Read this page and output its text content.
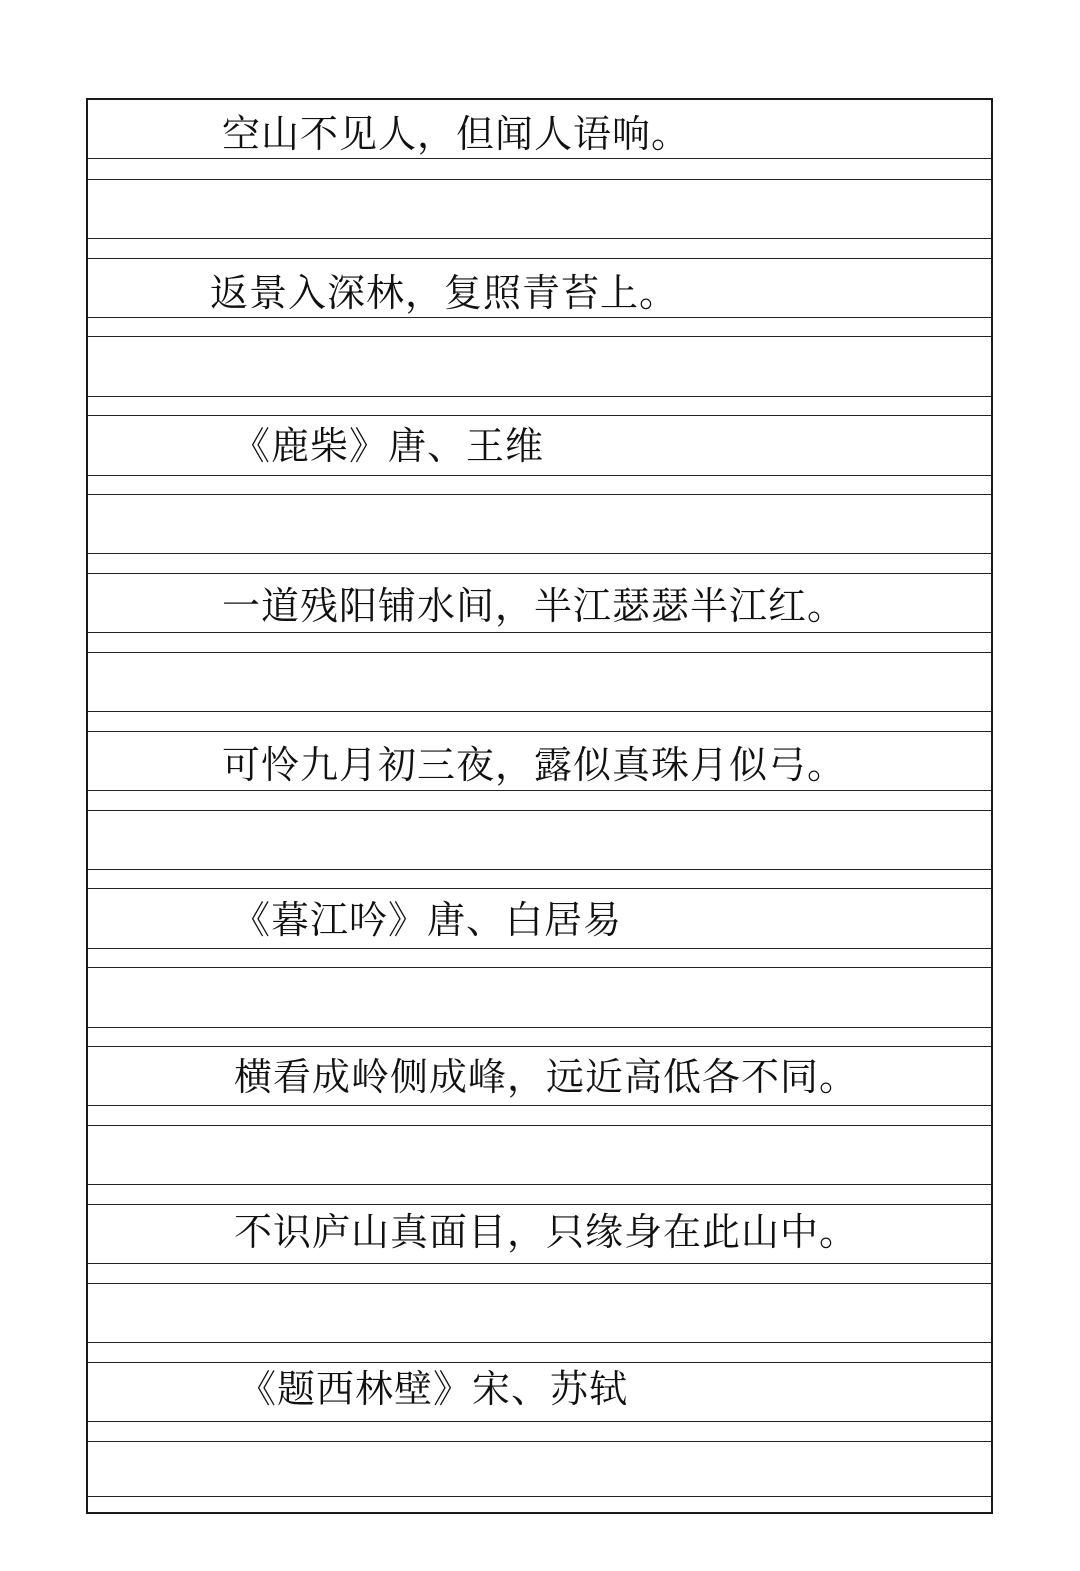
空山不见人，但闻人语响。
返景入深林，复照青苔上。
《鹿柴》唐、王维
一道残阳铺水间，半江瑟瑟半江红。
可怜九月初三夜，露似真珠月似弓。
《暮江吟》唐、白居易
横看成岭侧成峰，远近高低各不同。
不识庐山真面目，只缘身在此山中。
《题西林壁》宋、苏轼
